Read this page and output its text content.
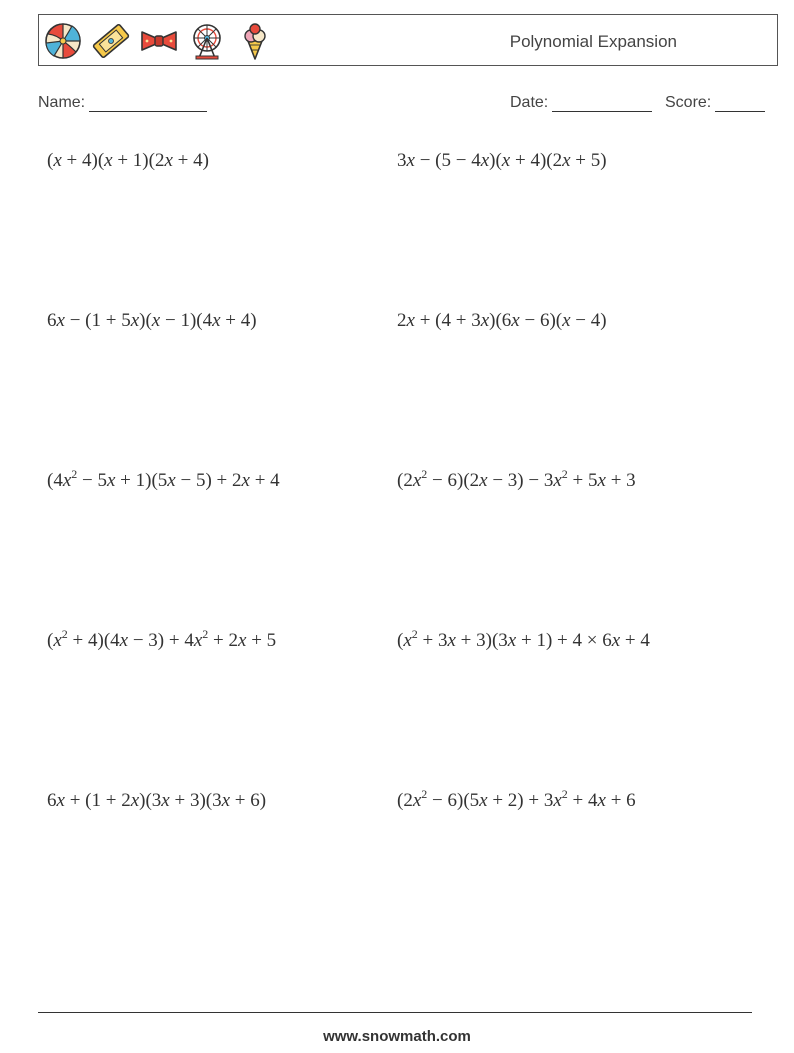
Polynomial Expansion
Name:	Date:	Score:
(x + 4)(x + 1)(2x + 4)	3x − (5 − 4x)(x + 4)(2x + 5)
6x − (1 + 5x)(x − 1)(4x + 4)	2x + (4 + 3x)(6x − 6)(x − 4)
$(4x^2 - 5x + 1)(5x - 5) + 2x + 4$	$(2x^2 - 6)(2x - 3) - 3x^2 + 5x + 3$
$(x^2 + 4)(4x - 3) + 4x^2 + 2x + 5$	$(x^2 + 3x + 3)(3x + 1) + 4 \times 6x + 4$
6x + (1 + 2x)(3x + 3)(3x + 6)	$(2x^2 - 6)(5x + 2) + 3x^2 + 4x + 6$
www.snowmath.com
